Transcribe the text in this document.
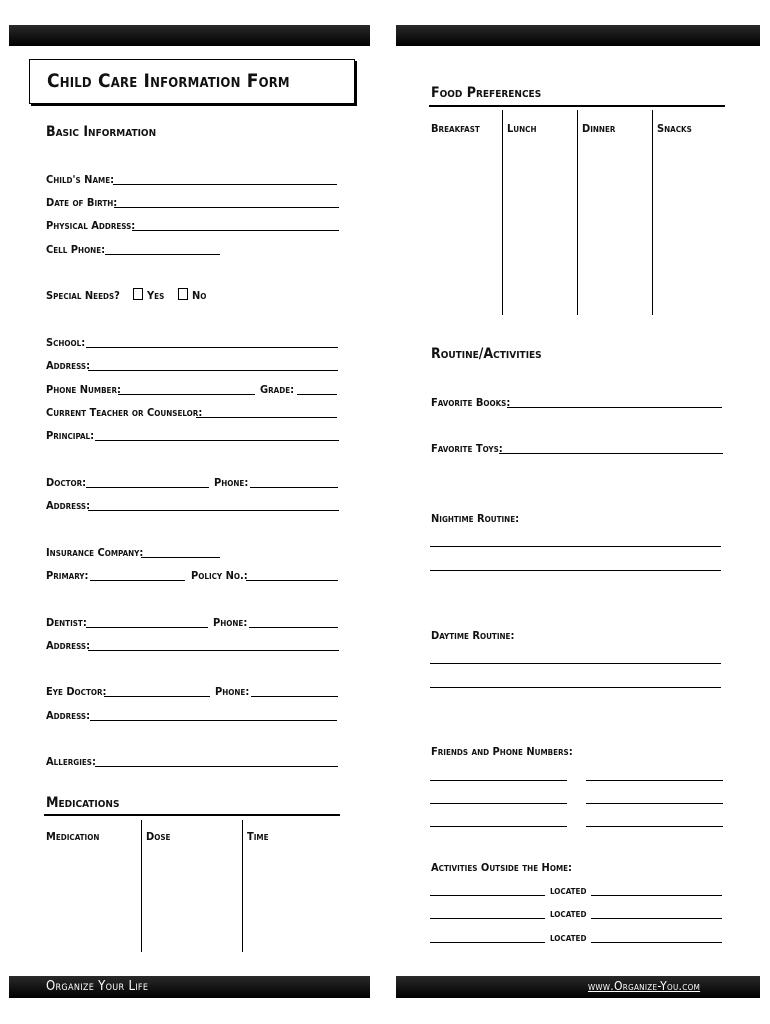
Child Care Information Form
Basic Information
Child's Name:
Date of Birth:
Physical Address:
Cell Phone:
Special Needs? Yes	No
School:
Address:
Phone Number:	Grade:
Current Teacher or Counselor:
Principal:
Doctor:	Phone:
Address:
Insurance Company:
Primary:	Policy No.:
Dentist:	Phone:
Address:
Eye Doctor:	Phone:
Address:
Allergies:
Medications
Medication	Dose	Time
Food Preferences
Breakfast Lunch	Dinner	Snacks
Routine/Activities
Favorite Books:
Favorite Toys:
Nightime Routine:
Daytime Routine:
Friends and Phone Numbers:
Activities Outside the Home:
located
located
located
Organize Your Life	www.Organize-You.com
